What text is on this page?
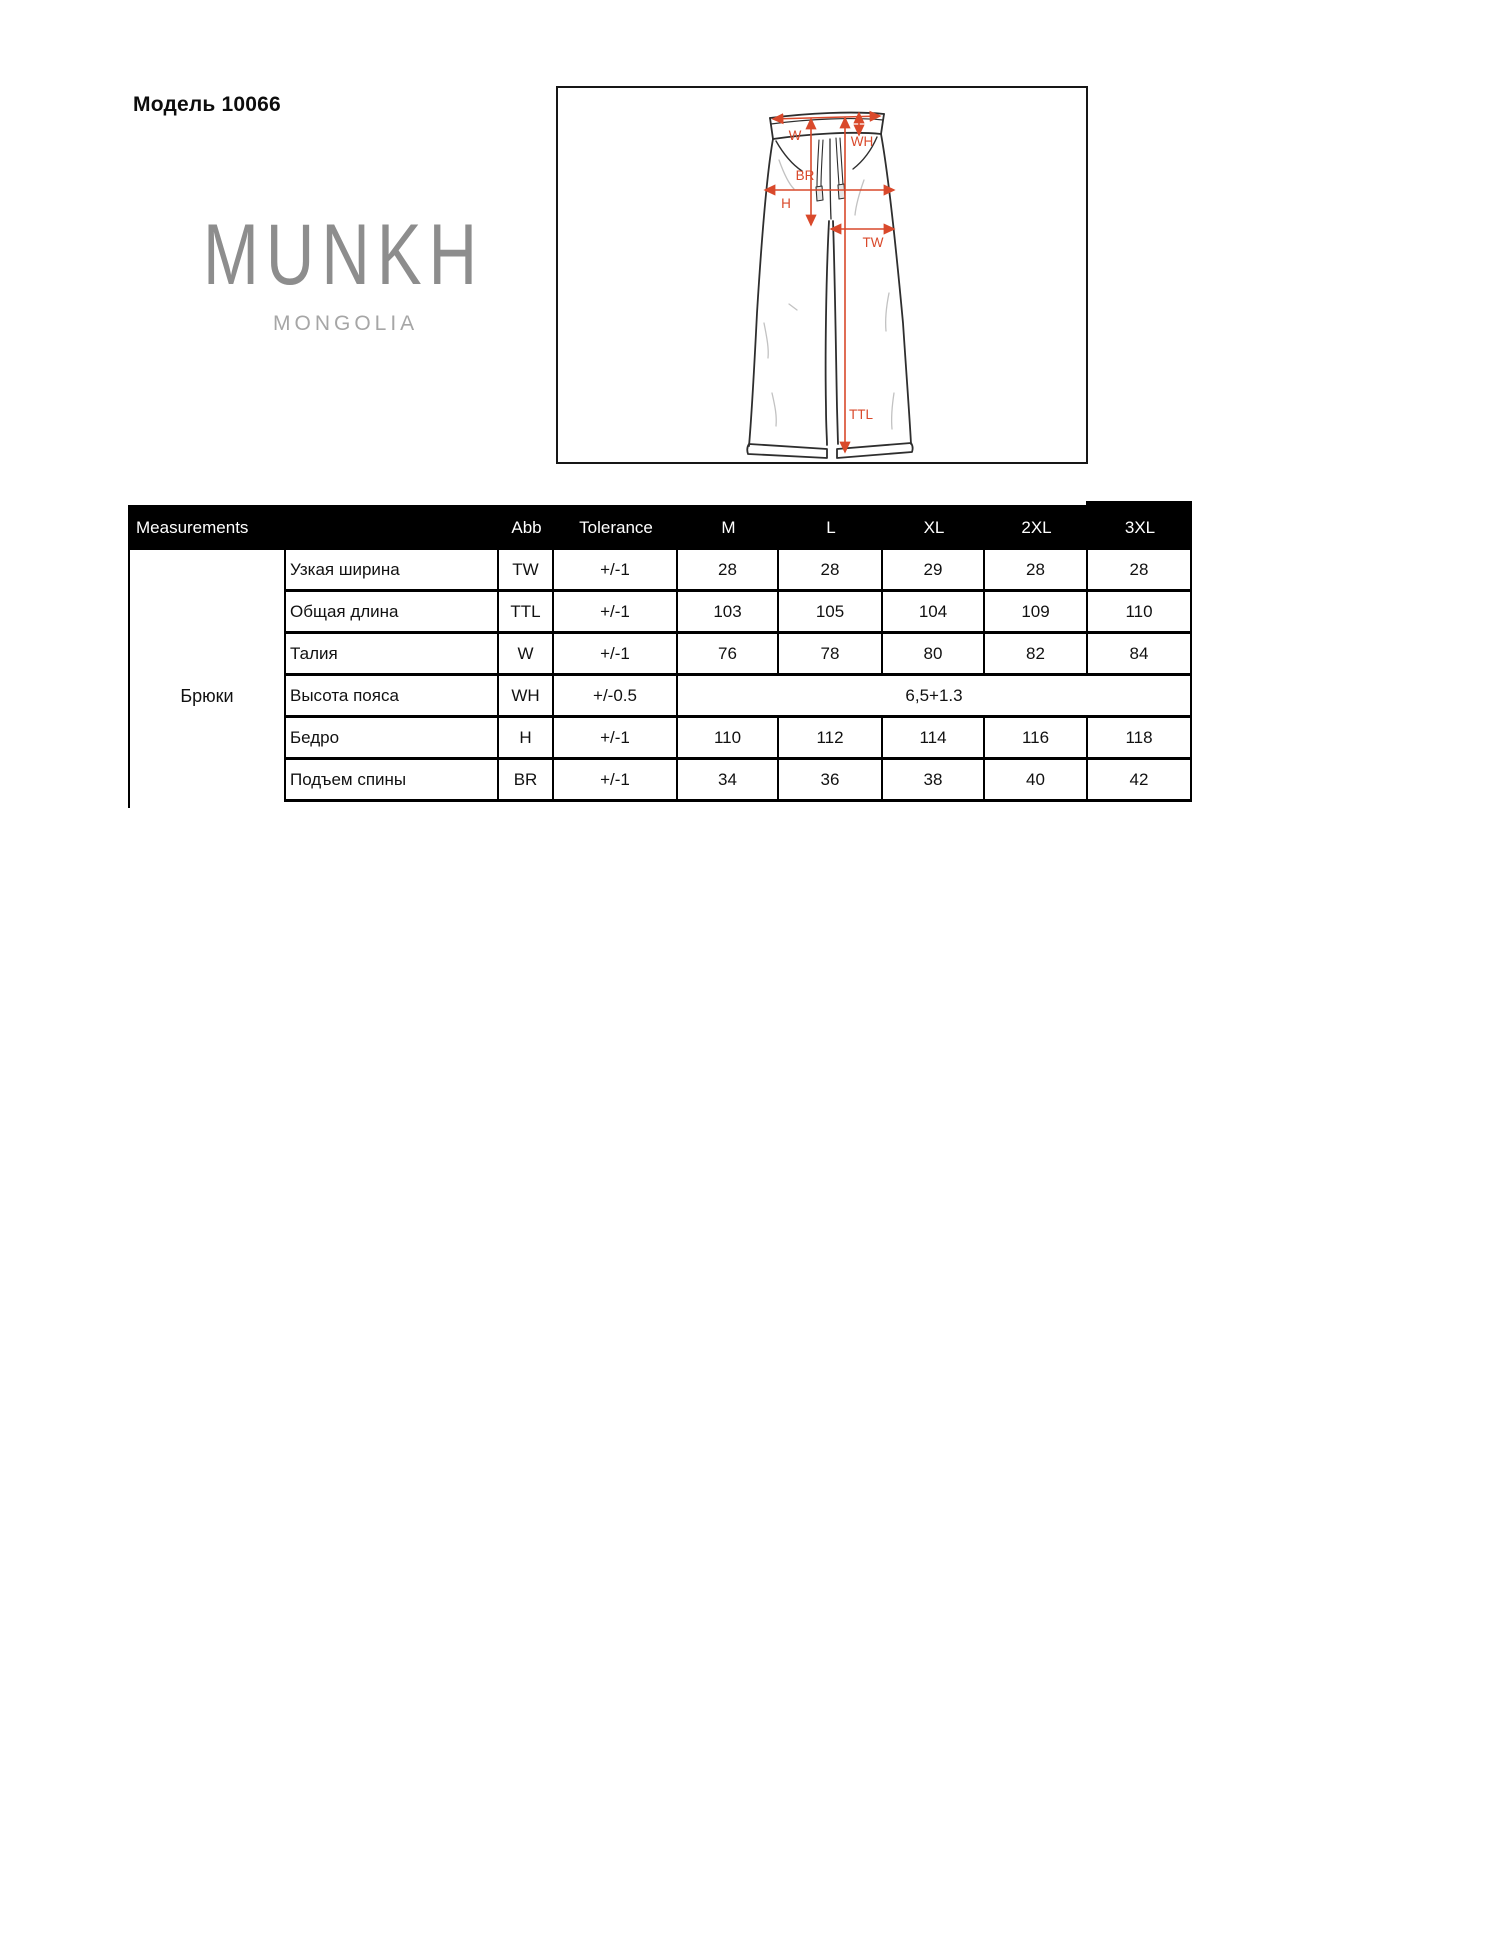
Модель 10066
MUNKH
MONGOLIA
W	WH
BR
H
TW
TTL
Measurements	Abb	Tolerance	M	L	XL	2XL	3XL
Брюки
Узкая ширина	TW	+/-1	28	28	29	28	28
Общая длина	TTL	+/-1	103	105	104	109	110
Талия	W	+/-1	76	78	80	82	84
Высота пояса	WH	+/-0.5	6,5+1.3
Бедро	H	+/-1	110	112	114	116	118
Подъем спины	BR	+/-1	34	36	38	40	42
